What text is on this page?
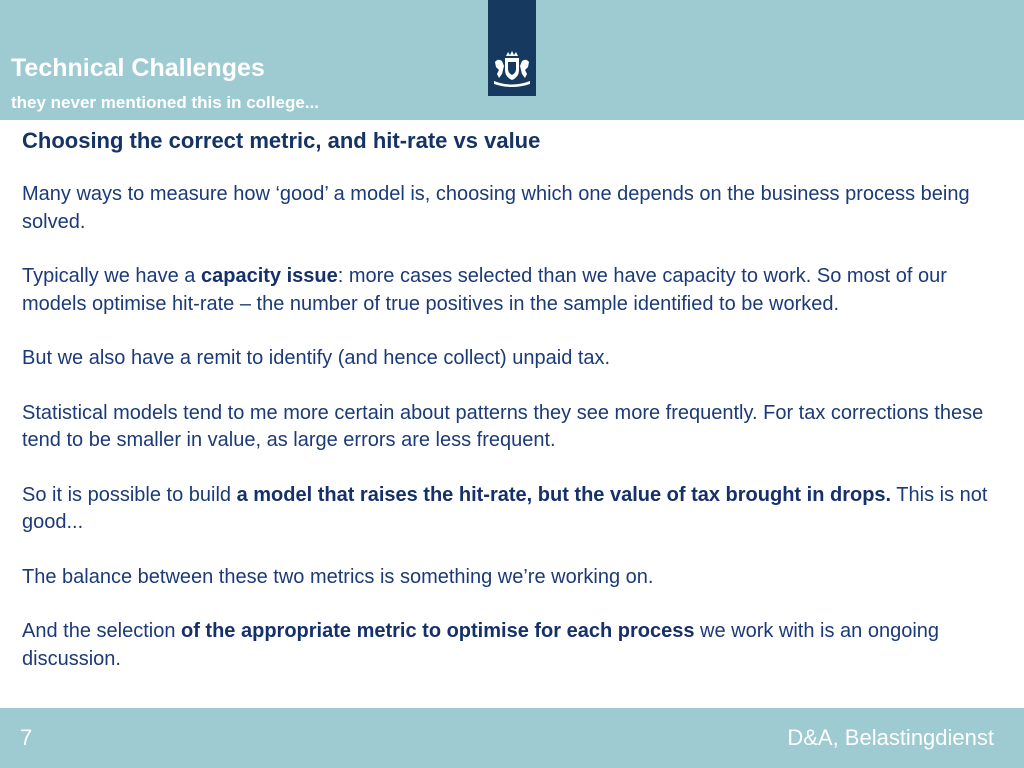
Technical Challenges
they never mentioned this in college...
Choosing the correct metric, and hit-rate vs value

Many ways to measure how ‘good’ a model is, choosing which one depends on the business process being solved.

Typically we have a capacity issue: more cases selected than we have capacity to work. So most of our models optimise hit-rate – the number of true positives in the sample identified to be worked.

But we also have a remit to identify (and hence collect) unpaid tax.

Statistical models tend to me more certain about patterns they see more frequently. For tax corrections these tend to be smaller in value, as large errors are less frequent.

So it is possible to build a model that raises the hit-rate, but the value of tax brought in drops. This is not good...

The balance between these two metrics is something we’re working on.

And the selection of the appropriate metric to optimise for each process we work with is an ongoing discussion.

7	D&A, Belastingdienst
